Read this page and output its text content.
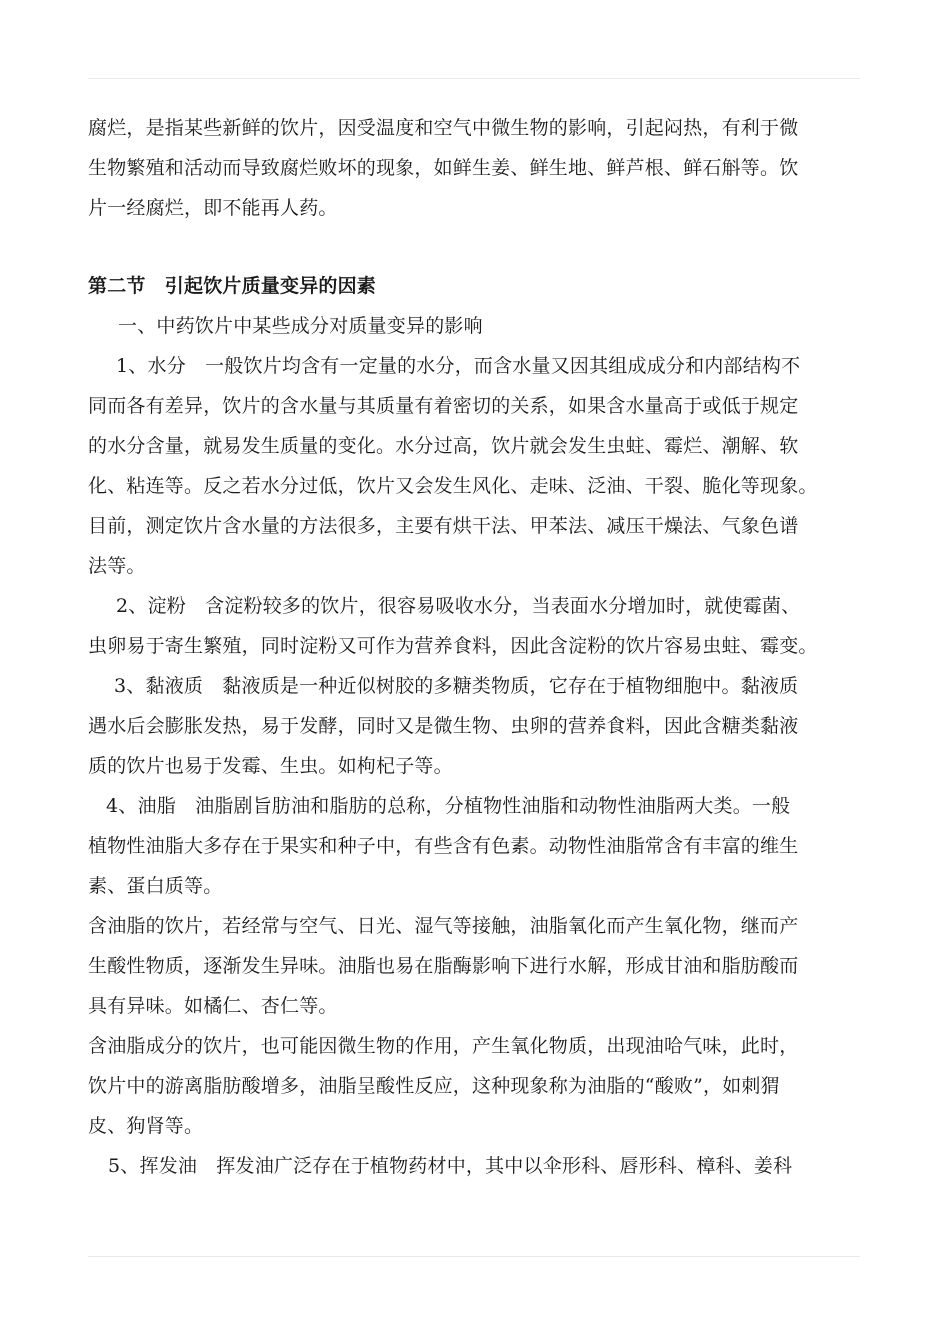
腐烂，是指某些新鲜的饮片，因受温度和空气中微生物的影响，引起闷热，有利于微
生物繁殖和活动而导致腐烂败坏的现象，如鲜生姜、鲜生地、鲜芦根、鲜石斛等。饮
片一经腐烂，即不能再人药。
第二节　引起饮片质量变异的因素
一、中药饮片中某些成分对质量变异的影响
1、水分　一般饮片均含有一定量的水分，而含水量又因其组成成分和内部结构不
同而各有差异，饮片的含水量与其质量有着密切的关系，如果含水量高于或低于规定
的水分含量，就易发生质量的变化。水分过高，饮片就会发生虫蛀、霉烂、潮解、软
化、粘连等。反之若水分过低，饮片又会发生风化、走味、泛油、干裂、脆化等现象。
目前，测定饮片含水量的方法很多，主要有烘干法、甲苯法、减压干燥法、气象色谱
法等。
2、淀粉　含淀粉较多的饮片，很容易吸收水分，当表面水分增加时，就使霉菌、
虫卵易于寄生繁殖，同时淀粉又可作为营养食料，因此含淀粉的饮片容易虫蛀、霉变。
3、黏液质　黏液质是一种近似树胶的多糖类物质，它存在于植物细胞中。黏液质
遇水后会膨胀发热，易于发酵，同时又是微生物、虫卵的营养食料，因此含糖类黏液
质的饮片也易于发霉、生虫。如枸杞子等。
4、油脂　油脂剧旨肪油和脂肪的总称，分植物性油脂和动物性油脂两大类。一般
植物性油脂大多存在于果实和种子中，有些含有色素。动物性油脂常含有丰富的维生
素、蛋白质等。
含油脂的饮片，若经常与空气、日光、湿气等接触，油脂氧化而产生氧化物，继而产
生酸性物质，逐渐发生异味。油脂也易在脂酶影响下进行水解，形成甘油和脂肪酸而
具有异味。如橘仁、杏仁等。
含油脂成分的饮片，也可能因微生物的作用，产生氧化物质，出现油哈气味，此时，
饮片中的游离脂肪酸增多，油脂呈酸性反应，这种现象称为油脂的“酸败”，如刺猬
皮、狗肾等。
5、挥发油　挥发油广泛存在于植物药材中，其中以伞形科、唇形科、樟科、姜科
